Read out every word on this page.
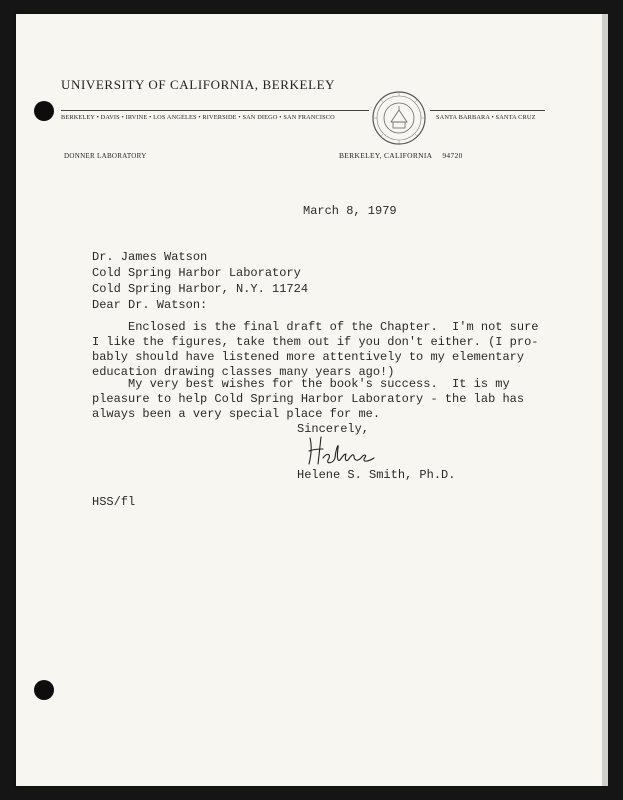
UNIVERSITY OF CALIFORNIA, BERKELEY
BERKELEY • DAVIS • IRVINE • LOS ANGELES • RIVERSIDE • SAN DIEGO • SAN FRANCISCO	SANTA BARBARA • SANTA CRUZ
DONNER LABORATORY	BERKELEY, CALIFORNIA 94720
March 8, 1979
Dr. James Watson
Cold Spring Harbor Laboratory
Cold Spring Harbor, N.Y. 11724
Dear Dr. Watson:
Enclosed is the final draft of the Chapter.  I'm not sure
I like the figures, take them out if you don't either. (I pro-
bably should have listened more attentively to my elementary
education drawing classes many years ago!)
My very best wishes for the book's success.  It is my
pleasure to help Cold Spring Harbor Laboratory - the lab has
always been a very special place for me.
Sincerely,
Helene S. Smith, Ph.D.
HSS/fl
